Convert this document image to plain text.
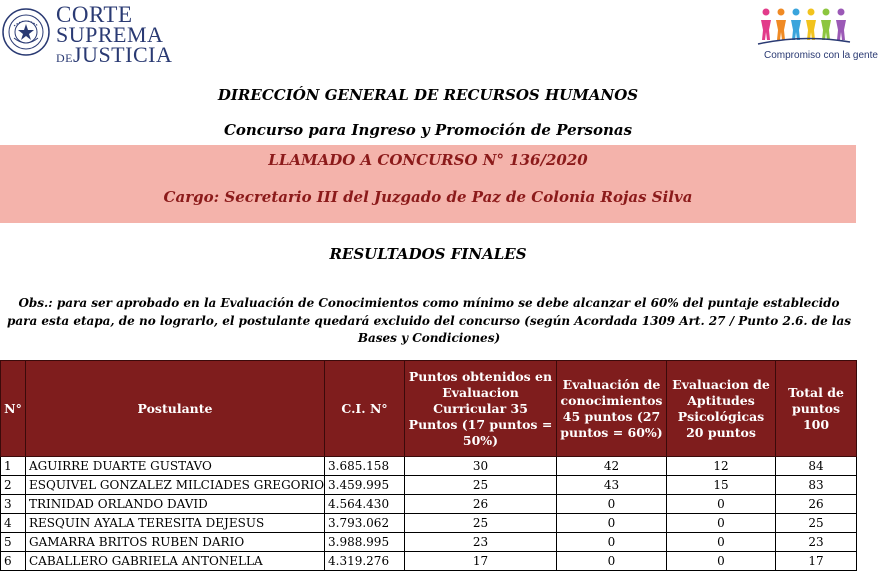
CORTE
SUPREMA
DEJUSTICIA	Compromiso con la gente
DIRECCIÓN GENERAL DE RECURSOS HUMANOS
Concurso para Ingreso y Promoción de Personas
LLAMADO A CONCURSO N° 136/2020
Cargo: Secretario III del Juzgado de Paz de Colonia Rojas Silva
RESULTADOS FINALES
Obs.: para ser aprobado en la Evaluación de Conocimientos como mínimo se debe alcanzar el 60% del puntaje establecido para esta etapa, de no lograrlo, el postulante quedará excluido del concurso (según Acordada 1309 Art. 27 / Punto 2.6. de las Bases y Condiciones)
N°	Postulante	C.I. N°	Puntos obtenidos en Evaluacion Curricular 35 Puntos (17 puntos = 50%)	Evaluación de conocimientos 45 puntos (27 puntos = 60%)	Evaluacion de Aptitudes Psicológicas 20 puntos	Total de puntos 100
1	AGUIRRE DUARTE GUSTAVO	3.685.158	30	42	12	84
2	ESQUIVEL GONZALEZ MILCIADES GREGORIO	3.459.995	25	43	15	83
3	TRINIDAD ORLANDO DAVID	4.564.430	26	0	0	26
4	RESQUIN AYALA TERESITA DEJESUS	3.793.062	25	0	0	25
5	GAMARRA BRITOS RUBEN DARIO	3.988.995	23	0	0	23
6	CABALLERO GABRIELA ANTONELLA	4.319.276	17	0	0	17
